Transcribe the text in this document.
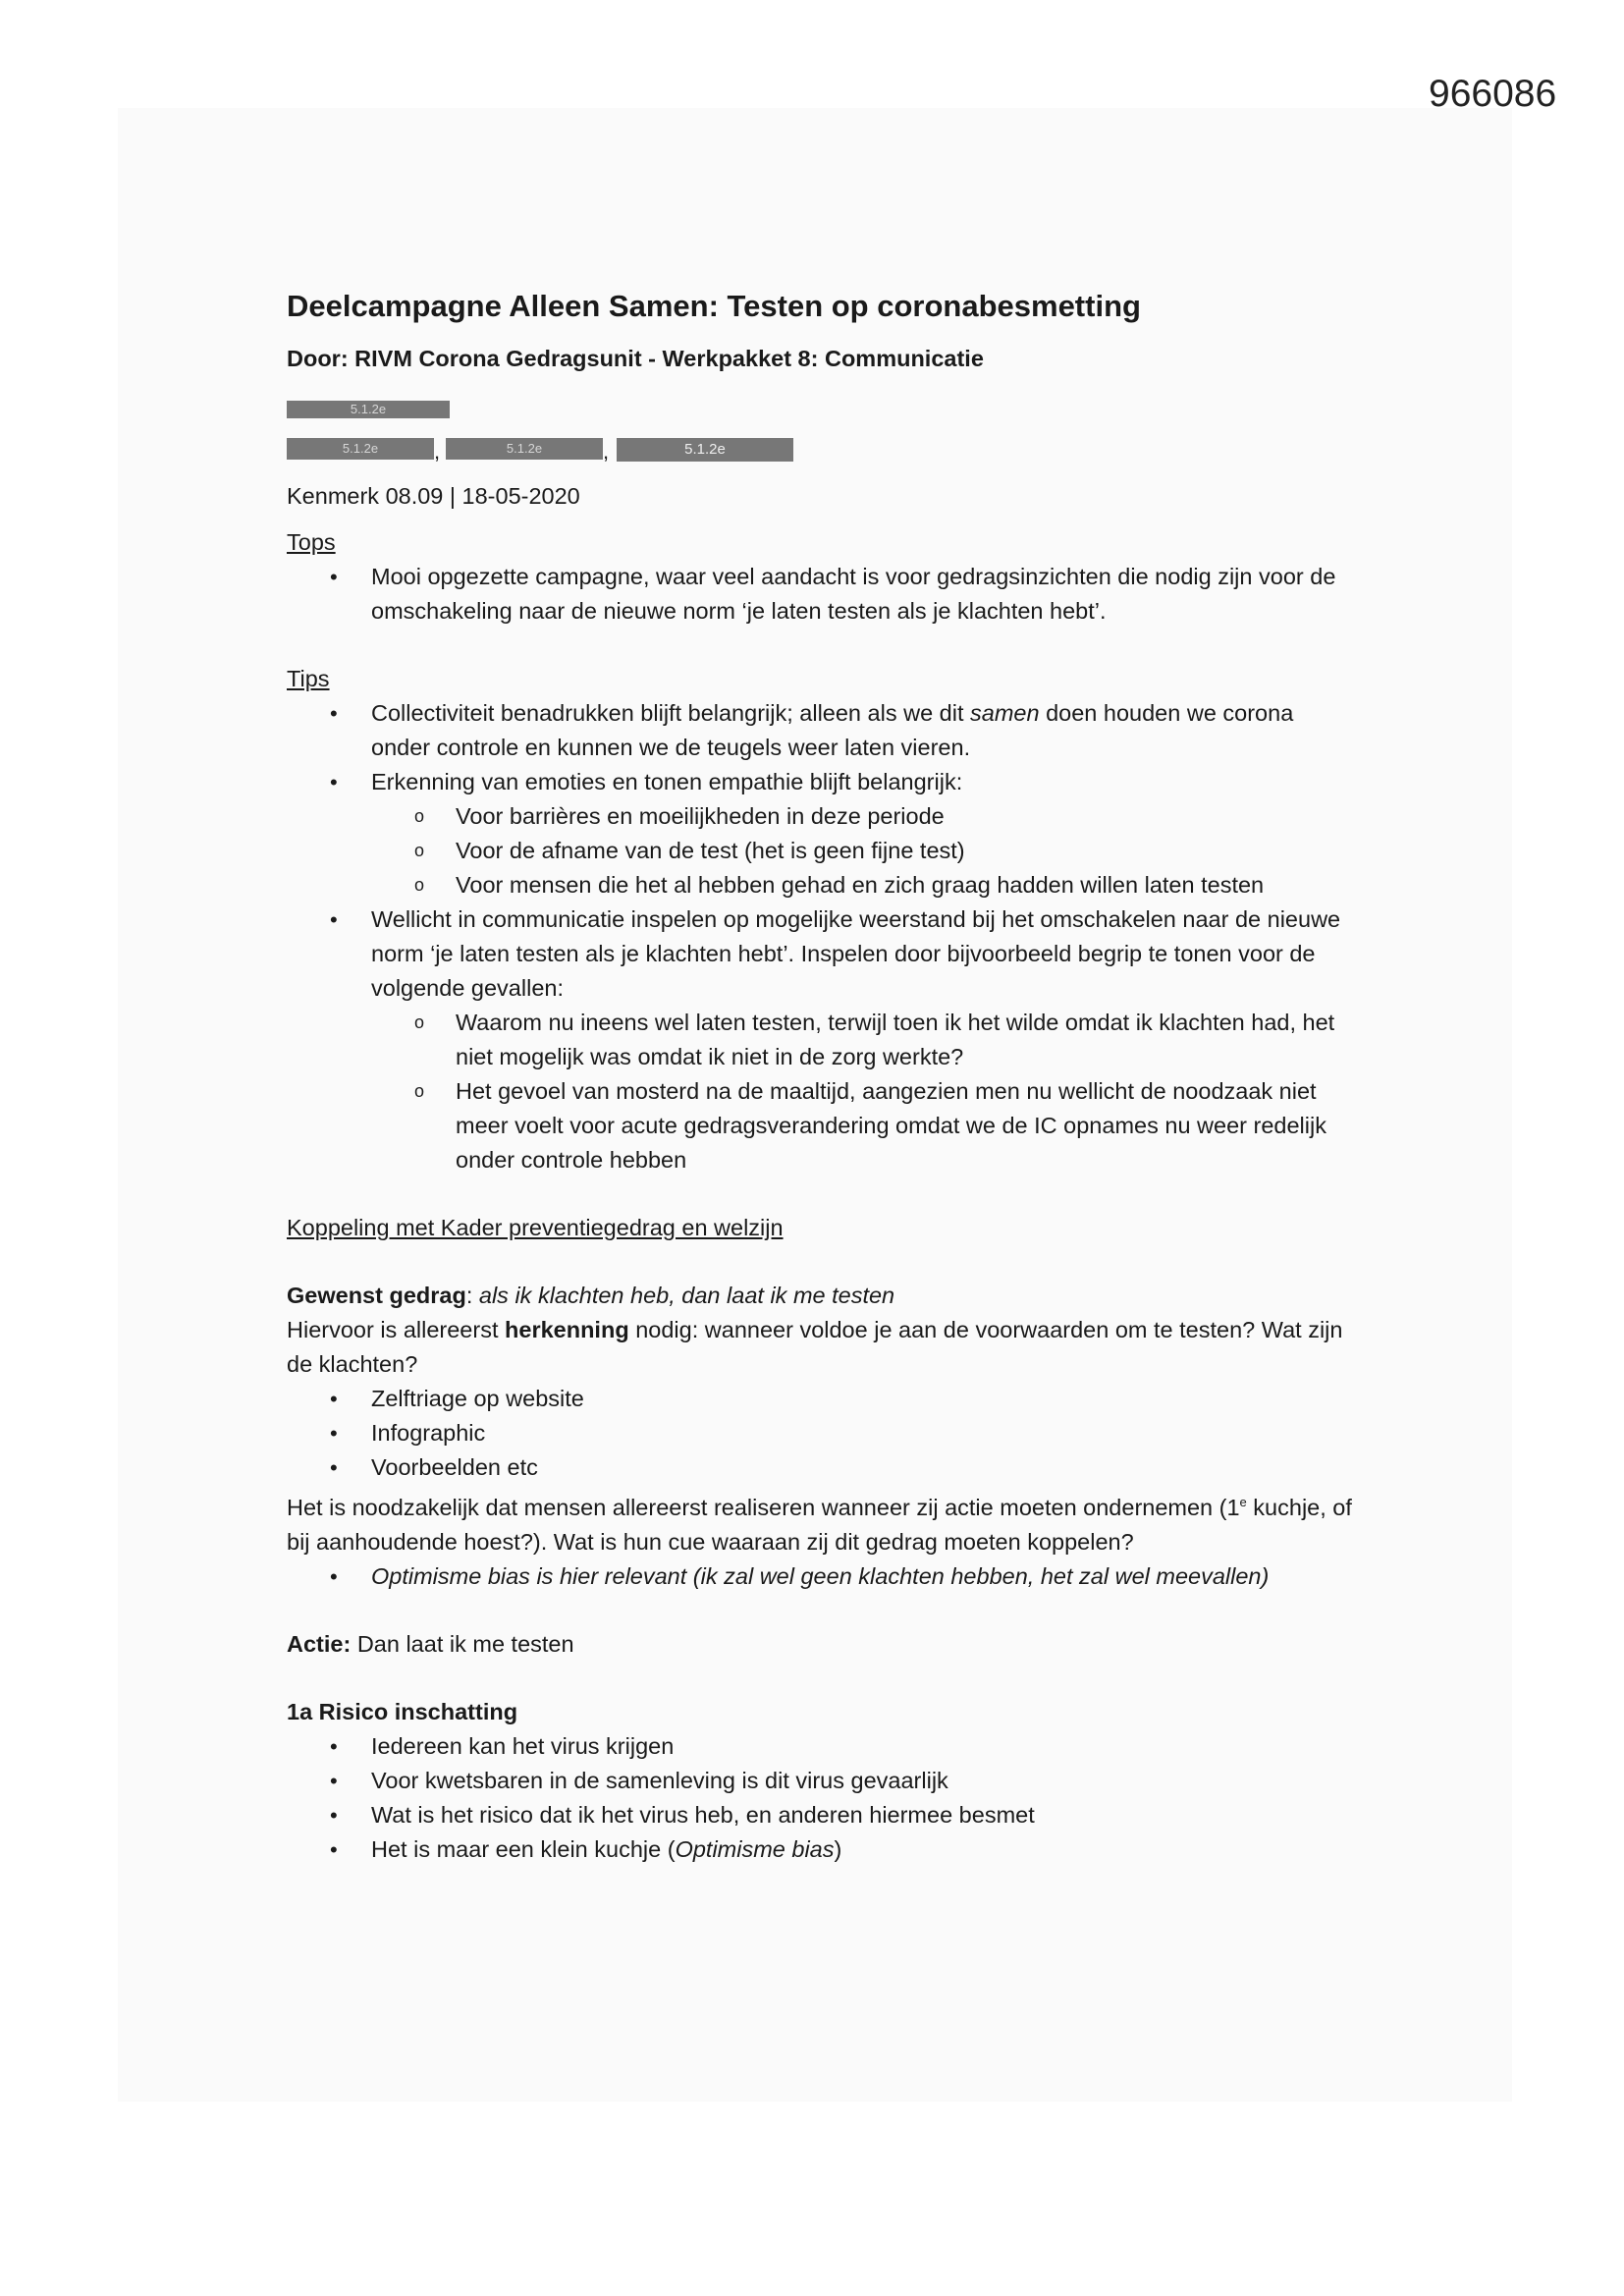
966086
Deelcampagne Alleen Samen: Testen op coronabesmetting
Door: RIVM Corona Gedragsunit - Werkpakket 8: Communicatie
5.1.2e
5.1.2e	,	5.1.2e	,	5.1.2e

Kenmerk 08.09 | 18-05-2020

Tops

• Mooi opgezette campagne, waar veel aandacht is voor gedragsinzichten die nodig zijn voor de omschakeling naar de nieuwe norm ‘je laten testen als je klachten hebt’.

Tips

• Collectiviteit benadrukken blijft belangrijk; alleen als we dit samen doen houden we corona onder controle en kunnen we de teugels weer laten vieren.
• Erkenning van emoties en tonen empathie blijft belangrijk:
o Voor barrières en moeilijkheden in deze periode
o Voor de afname van de test (het is geen fijne test)
o Voor mensen die het al hebben gehad en zich graag hadden willen laten testen
• Wellicht in communicatie inspelen op mogelijke weerstand bij het omschakelen naar de nieuwe norm ‘je laten testen als je klachten hebt’. Inspelen door bijvoorbeeld begrip te tonen voor de volgende gevallen:
o Waarom nu ineens wel laten testen, terwijl toen ik het wilde omdat ik klachten had, het niet mogelijk was omdat ik niet in de zorg werkte?
o Het gevoel van mosterd na de maaltijd, aangezien men nu wellicht de noodzaak niet meer voelt voor acute gedragsverandering omdat we de IC opnames nu weer redelijk onder controle hebben

Koppeling met Kader preventiegedrag en welzijn

Gewenst gedrag: als ik klachten heb, dan laat ik me testen

Hiervoor is allereerst herkenning nodig: wanneer voldoe je aan de voorwaarden om te testen? Wat zijn de klachten?

• Zelftriage op website
• Infographic
• Voorbeelden etc

Het is noodzakelijk dat mensen allereerst realiseren wanneer zij actie moeten ondernemen (1e kuchje, of bij aanhoudende hoest?). Wat is hun cue waaraan zij dit gedrag moeten koppelen?

• Optimisme bias is hier relevant (ik zal wel geen klachten hebben, het zal wel meevallen)

Actie: Dan laat ik me testen

1a Risico inschatting

• Iedereen kan het virus krijgen
• Voor kwetsbaren in de samenleving is dit virus gevaarlijk
• Wat is het risico dat ik het virus heb, en anderen hiermee besmet
• Het is maar een klein kuchje (Optimisme bias)
